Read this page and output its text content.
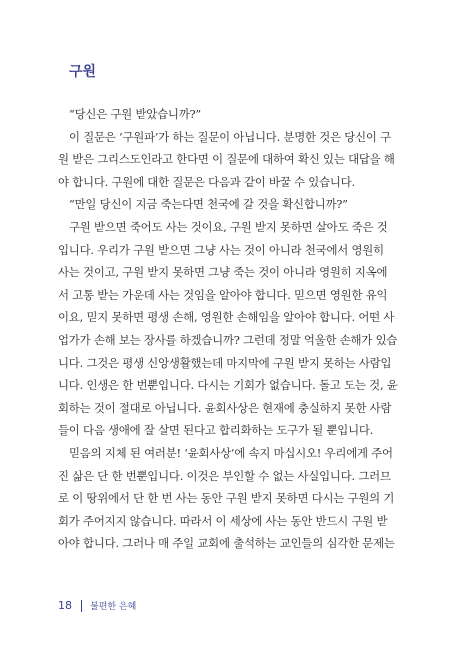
구원
“당신은 구원 받았습니까?”
이 질문은 ‘구원파’가 하는 질문이 아닙니다. 분명한 것은 당신이 구
원 받은 그리스도인라고 한다면 이 질문에 대하여 확신 있는 대답을 해
야 합니다. 구원에 대한 질문은 다음과 같이 바꿀 수 있습니다.
“만일 당신이 지금 죽는다면 천국에 갈 것을 확신합니까?”
구원 받으면 죽어도 사는 것이요, 구원 받지 못하면 살아도 죽은 것
입니다. 우리가 구원 받으면 그냥 사는 것이 아니라 천국에서 영원히
사는 것이고, 구원 받지 못하면 그냥 죽는 것이 아니라 영원히 지옥에
서 고통 받는 가운데 사는 것임을 알아야 합니다. 믿으면 영원한 유익
이요, 믿지 못하면 평생 손해, 영원한 손해임을 알아야 합니다. 어떤 사
업가가 손해 보는 장사를 하겠습니까? 그런데 정말 억울한 손해가 있습
니다. 그것은 평생 신앙생활했는데 마지막에 구원 받지 못하는 사람입
니다. 인생은 한 번뿐입니다. 다시는 기회가 없습니다. 돌고 도는 것, 윤
회하는 것이 절대로 아닙니다. 윤회사상은 현재에 충실하지 못한 사람
들이 다음 생애에 잘 살면 된다고 합리화하는 도구가 될 뿐입니다.
믿음의 지체 된 여러분! ‘윤회사상’에 속지 마십시오! 우리에게 주어
진 삶은 단 한 번뿐입니다. 이것은 부인할 수 없는 사실입니다. 그러므
로 이 땅위에서 단 한 번 사는 동안 구원 받지 못하면 다시는 구원의 기
회가 주어지지 않습니다. 따라서 이 세상에 사는 동안 반드시 구원 받
아야 합니다. 그러나 매 주일 교회에 출석하는 교인들의 심각한 문제는
18 불편한 은혜
